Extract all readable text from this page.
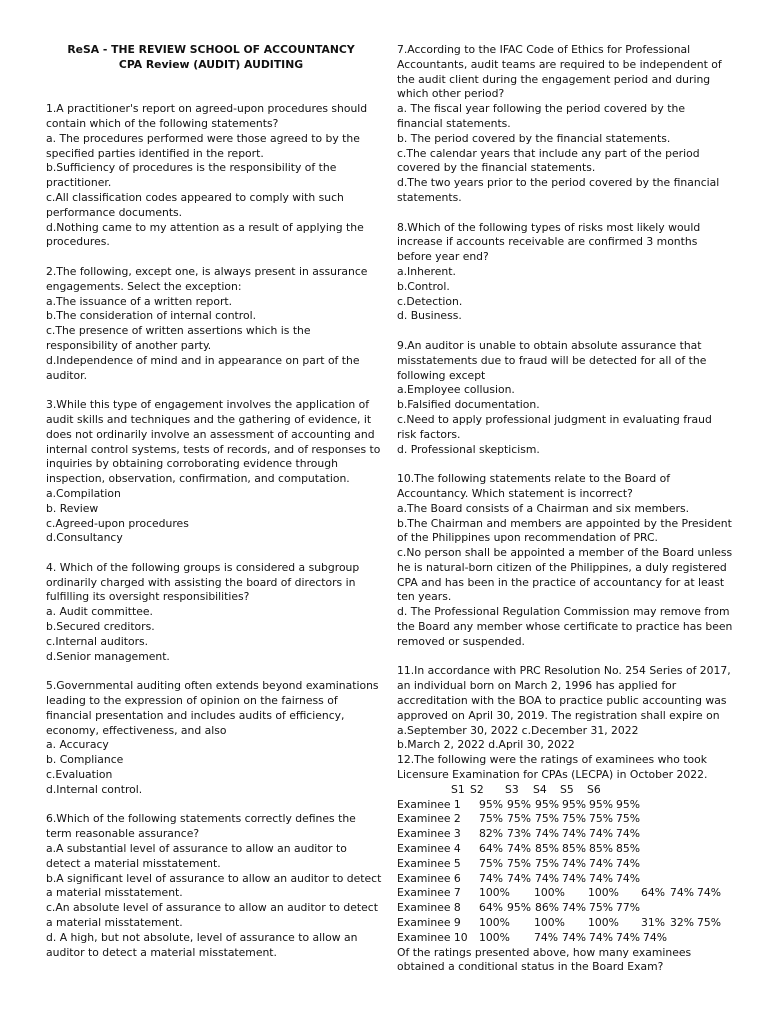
ReSA - THE REVIEW SCHOOL OF ACCOUNTANCY
CPA Review (AUDIT) AUDITING
1.A practitioner's report on agreed-upon procedures should
contain which of the following statements?
a. The procedures performed were those agreed to by the
specified parties identified in the report.
b.Sufficiency of procedures is the responsibility of the
practitioner.
c.All classification codes appeared to comply with such
performance documents.
d.Nothing came to my attention as a result of applying the
procedures.
2.The following, except one, is always present in assurance
engagements. Select the exception:
a.The issuance of a written report.
b.The consideration of internal control.
c.The presence of written assertions which is the
responsibility of another party.
d.Independence of mind and in appearance on part of the
auditor.
3.While this type of engagement involves the application of
audit skills and techniques and the gathering of evidence, it
does not ordinarily involve an assessment of accounting and
internal control systems, tests of records, and of responses to
inquiries by obtaining corroborating evidence through
inspection, observation, confirmation, and computation.
a.Compilation
b. Review
c.Agreed-upon procedures
d.Consultancy
4. Which of the following groups is considered a subgroup
ordinarily charged with assisting the board of directors in
fulfilling its oversight responsibilities?
a. Audit committee.
b.Secured creditors.
c.Internal auditors.
d.Senior management.
5.Governmental auditing often extends beyond examinations
leading to the expression of opinion on the fairness of
financial presentation and includes audits of efficiency,
economy, effectiveness, and also
a. Accuracy
b. Compliance
c.Evaluation
d.Internal control.
6.Which of the following statements correctly defines the
term reasonable assurance?
a.A substantial level of assurance to allow an auditor to
detect a material misstatement.
b.A significant level of assurance to allow an auditor to detect
a material misstatement.
c.An absolute level of assurance to allow an auditor to detect
a material misstatement.
d. A high, but not absolute, level of assurance to allow an
auditor to detect a material misstatement.
7.According to the IFAC Code of Ethics for Professional
Accountants, audit teams are required to be independent of
the audit client during the engagement period and during
which other period?
a. The fiscal year following the period covered by the
financial statements.
b. The period covered by the financial statements.
c.The calendar years that include any part of the period
covered by the financial statements.
d.The two years prior to the period covered by the financial
statements.
8.Which of the following types of risks most likely would
increase if accounts receivable are confirmed 3 months
before year end?
a.Inherent.
b.Control.
c.Detection.
d. Business.
9.An auditor is unable to obtain absolute assurance that
misstatements due to fraud will be detected for all of the
following except
a.Employee collusion.
b.Falsified documentation.
c.Need to apply professional judgment in evaluating fraud
risk factors.
d. Professional skepticism.
10.The following statements relate to the Board of
Accountancy. Which statement is incorrect?
a.The Board consists of a Chairman and six members.
b.The Chairman and members are appointed by the President
of the Philippines upon recommendation of PRC.
c.No person shall be appointed a member of the Board unless
he is natural-born citizen of the Philippines, a duly registered
CPA and has been in the practice of accountancy for at least
ten years.
d. The Professional Regulation Commission may remove from
the Board any member whose certificate to practice has been
removed or suspended.
11.In accordance with PRC Resolution No. 254 Series of 2017,
an individual born on March 2, 1996 has applied for
accreditation with the BOA to practice public accounting was
approved on April 30, 2019. The registration shall expire on
a.September 30, 2022 c.December 31, 2022
b.March 2, 2022 d.April 30, 2022
12.The following were the ratings of examinees who took
Licensure Examination for CPAs (LECPA) in October 2022.

S1

S2

S3

S4

S5

S6

Examinee 1 95% 95% 95% 95% 95% 95%
Examinee 2 75% 75% 75% 75% 75% 75%
Examinee 3 82% 73% 74% 74% 74% 74%
Examinee 4 64% 74% 85% 85% 85% 85%
Examinee 5 75% 75% 75% 74% 74% 74%
Examinee 6 74% 74% 74% 74% 74% 74%
Examinee 7 100% 100% 100% 64% 74% 74%
Examinee 8 64% 95% 86% 74% 75% 77%
Examinee 9 100% 100% 100% 31% 32% 75%
Examinee 10 100% 74% 74% 74% 74% 74%
Of the ratings presented above, how many examinees
obtained a conditional status in the Board Exam?
